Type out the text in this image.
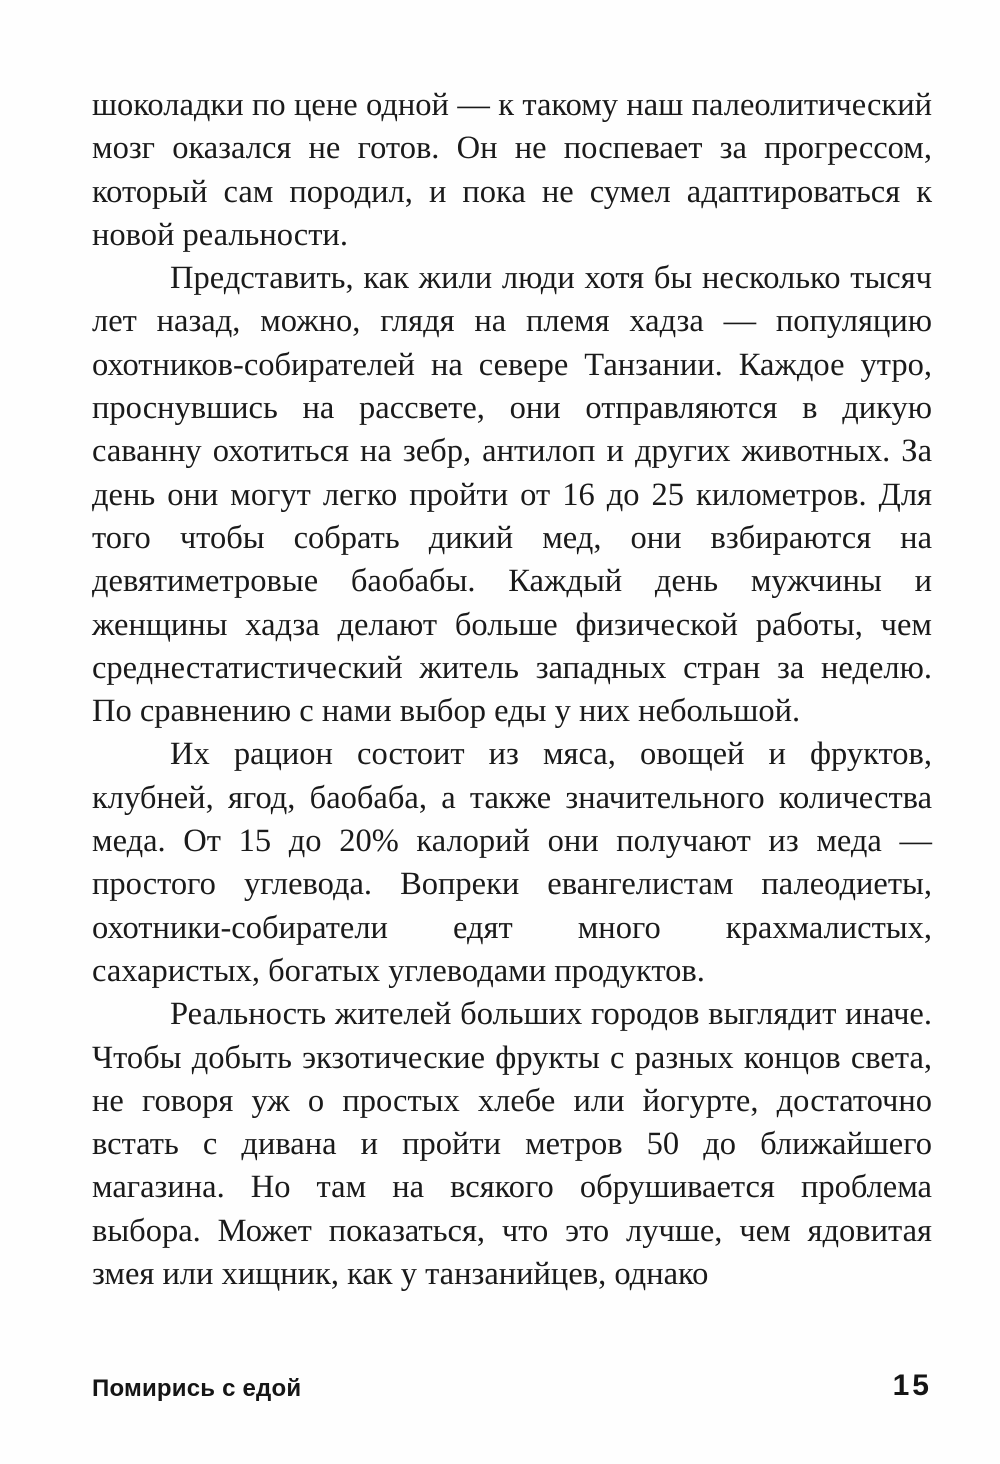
шоколадки по цене одной — к такому наш палеолитический мозг оказался не готов. Он не поспевает за прогрессом, который сам породил, и пока не сумел адаптироваться к новой реальности.

Представить, как жили люди хотя бы несколько тысяч лет назад, можно, глядя на племя хадза — популяцию охотников-собирателей на севере Танзании. Каждое утро, проснувшись на рассвете, они отправляются в дикую саванну охотиться на зебр, антилоп и других животных. За день они могут легко пройти от 16 до 25 километров. Для того чтобы собрать дикий мед, они взбираются на девятиметровые баобабы. Каждый день мужчины и женщины хадза делают больше физической работы, чем среднестатистический житель западных стран за неделю. По сравнению с нами выбор еды у них небольшой.

Их рацион состоит из мяса, овощей и фруктов, клубней, ягод, баобаба, а также значительного количества меда. От 15 до 20% калорий они получают из меда — простого углевода. Вопреки евангелистам палеодиеты, охотники-собиратели едят много крахмалистых, сахаристых, богатых углеводами продуктов.

Реальность жителей больших городов выглядит иначе. Чтобы добыть экзотические фрукты с разных концов света, не говоря уж о простых хлебе или йогурте, достаточно встать с дивана и пройти метров 50 до ближайшего магазина. Но там на всякого обрушивается проблема выбора. Может показаться, что это лучше, чем ядовитая змея или хищник, как у танзанийцев, однако

Помирись с едой	15
